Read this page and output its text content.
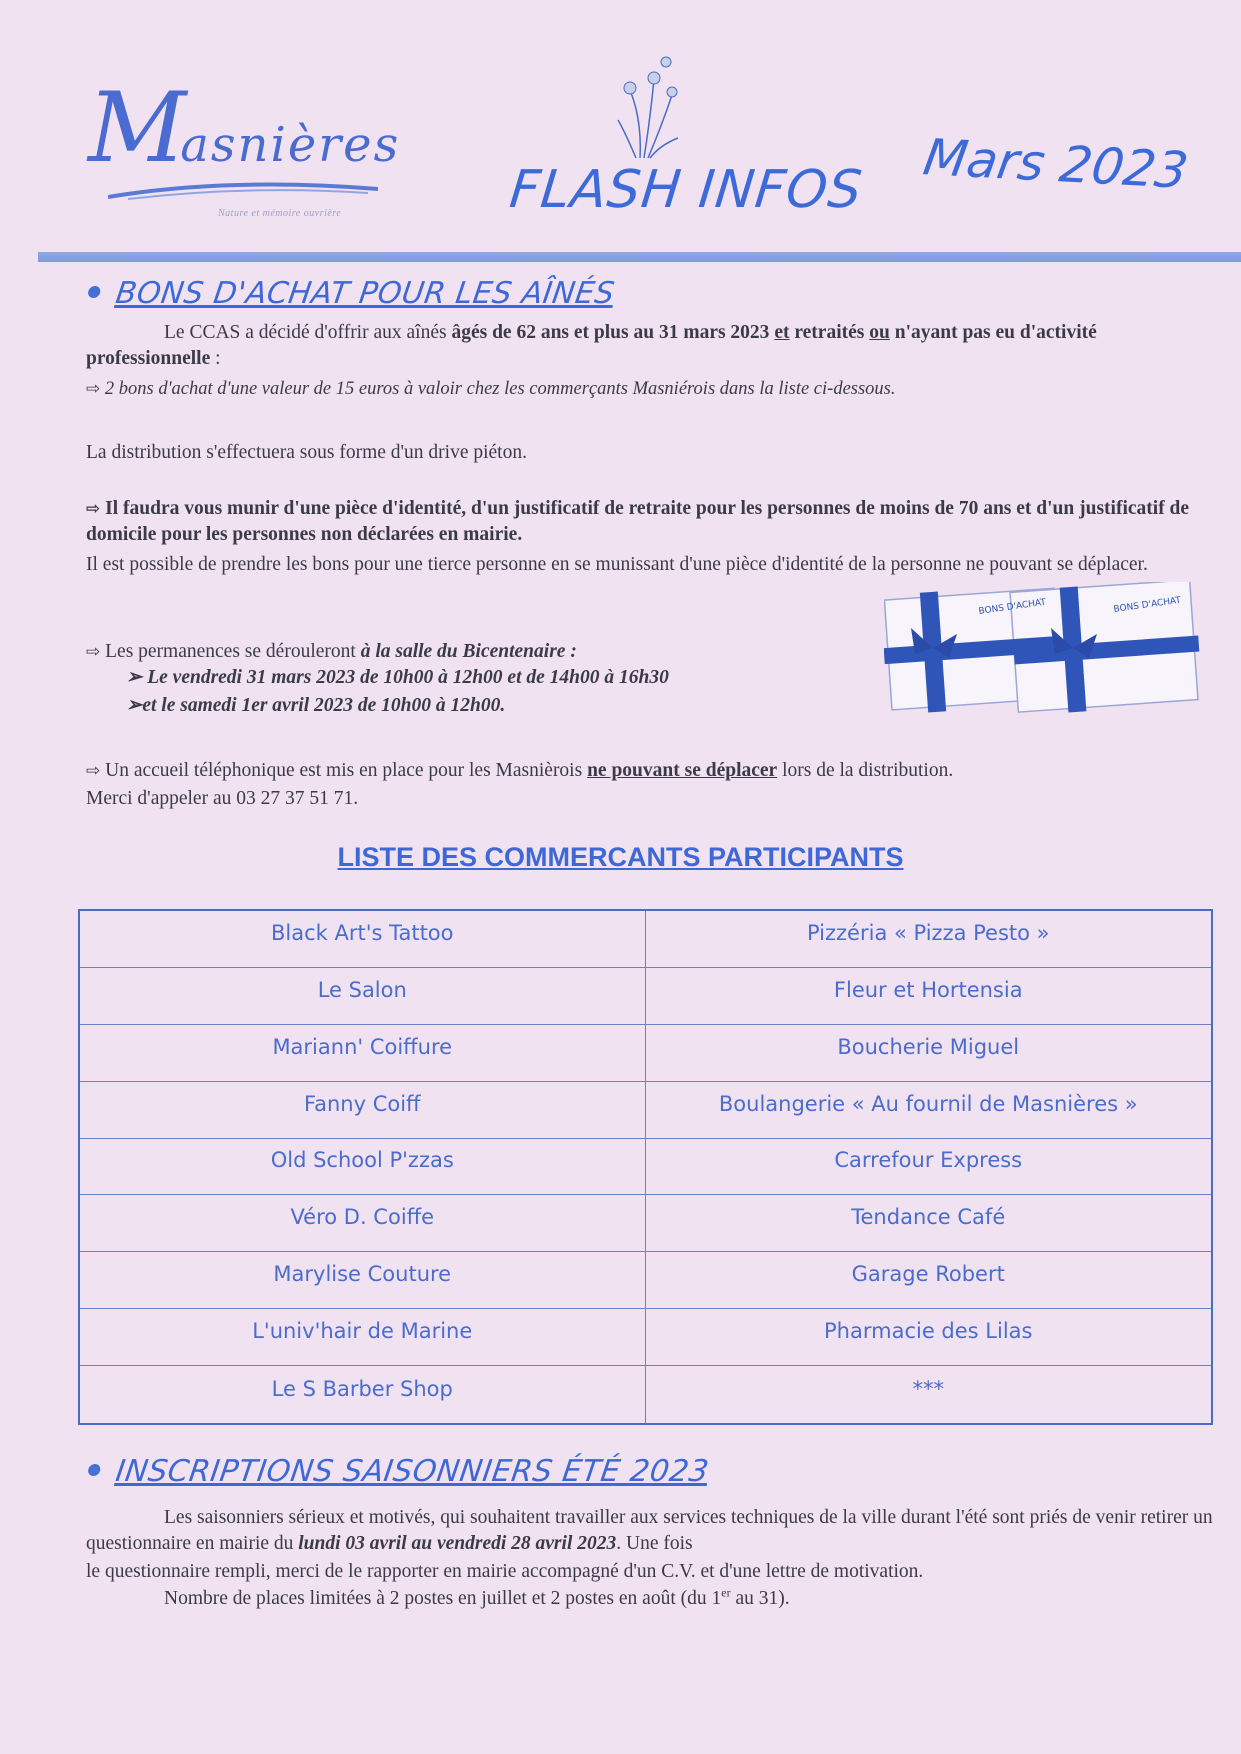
Masnières
Nature et mémoire ouvrière	FLASH INFOS Mars 2023
BONS D'ACHAT POUR LES AÎNÉS
Le CCAS a décidé d'offrir aux aînés âgés de 62 ans et plus au 31 mars 2023 et retraités ou n'ayant pas eu d'activité professionnelle :
⇨ 2 bons d'achat d'une valeur de 15 euros à valoir chez les commerçants Masniérois dans la liste ci-dessous.
La distribution s'effectuera sous forme d'un drive piéton.
⇨ Il faudra vous munir d'une pièce d'identité, d'un justificatif de retraite pour les personnes de moins de 70 ans et d'un justificatif de domicile pour les personnes non déclarées en mairie.
Il est possible de prendre les bons pour une tierce personne en se munissant d'une pièce d'identité de la personne ne pouvant se déplacer.
⇨ Les permanences se dérouleront à la salle du Bicentenaire :
➢ Le vendredi 31 mars 2023 de 10h00 à 12h00 et de 14h00 à 16h30
➢et le samedi 1er avril 2023 de 10h00 à 12h00.
BONS D'ACHAT	BONS D'ACHAT
⇨ Un accueil téléphonique est mis en place pour les Masnièrois ne pouvant se déplacer lors de la distribution.
Merci d'appeler au 03 27 37 51 71.
LISTE DES COMMERCANTS PARTICIPANTS
Black Art's Tattoo	Pizzéria « Pizza Pesto »
Le Salon	Fleur et Hortensia
Mariann' Coiffure	Boucherie Miguel
Fanny Coiff	Boulangerie « Au fournil de Masnières »
Old School P'zzas	Carrefour Express
Véro D. Coiffe	Tendance Café
Marylise Couture	Garage Robert
L'univ'hair de Marine	Pharmacie des Lilas
Le S Barber Shop	***
INSCRIPTIONS SAISONNIERS ÉTÉ 2023
Les saisonniers sérieux et motivés, qui souhaitent travailler aux services techniques de la ville durant l'été sont priés de venir retirer un questionnaire en mairie du lundi 03 avril au vendredi 28 avril 2023. Une fois
le questionnaire rempli, merci de le rapporter en mairie accompagné d'un C.V. et d'une lettre de motivation.
Nombre de places limitées à 2 postes en juillet et 2 postes en août (du 1er au 31).
